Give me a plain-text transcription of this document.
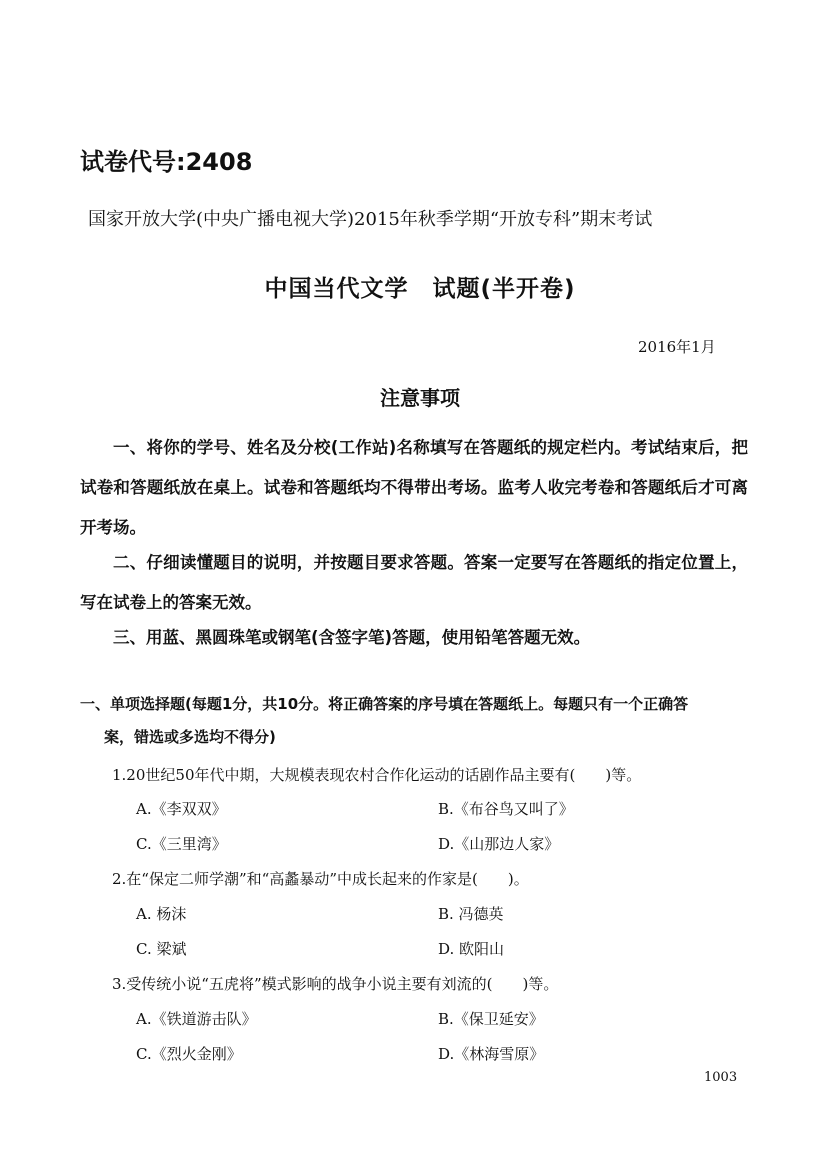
试卷代号:2408
国家开放大学(中央广播电视大学)2015年秋季学期“开放专科”期末考试
中国当代文学　试题(半开卷)
2016年1月
注意事项
一、将你的学号、姓名及分校(工作站)名称填写在答题纸的规定栏内。考试结束后，把试卷和答题纸放在桌上。试卷和答题纸均不得带出考场。监考人收完考卷和答题纸后才可离开考场。
二、仔细读懂题目的说明，并按题目要求答题。答案一定要写在答题纸的指定位置上，写在试卷上的答案无效。
三、用蓝、黑圆珠笔或钢笔(含签字笔)答题，使用铅笔答题无效。
一、单项选择题(每题1分，共10分。将正确答案的序号填在答题纸上。每题只有一个正确答
案，错选或多选均不得分)
1.20世纪50年代中期，大规模表现农村合作化运动的话剧作品主要有(　　)等。
A.《李双双》	B.《布谷鸟又叫了》
C.《三里湾》	D.《山那边人家》
2.在“保定二师学潮”和“高蠡暴动”中成长起来的作家是(　　)。
A. 杨沫	B. 冯德英
C. 梁斌	D. 欧阳山
3.受传统小说“五虎将”模式影响的战争小说主要有刘流的(　　)等。
A.《铁道游击队》	B.《保卫延安》
C.《烈火金刚》	D.《林海雪原》
1003
